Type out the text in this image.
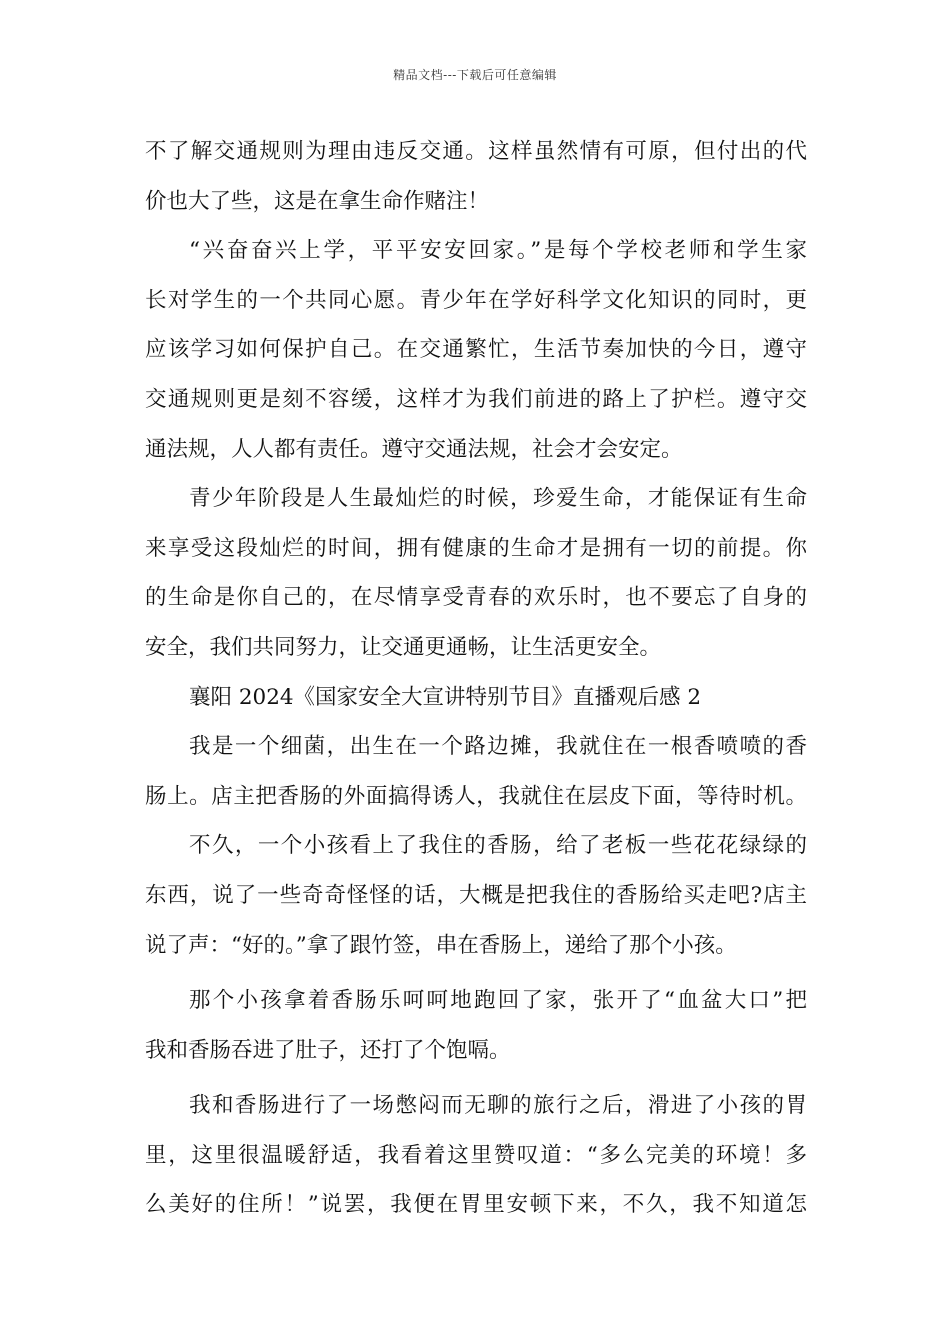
精品文档---下载后可任意编辑
不了解交通规则为理由违反交通。这样虽然情有可原，但付出的代
价也大了些，这是在拿生命作赌注！
“兴奋奋兴上学，平平安安回家。”是每个学校老师和学生家
长对学生的一个共同心愿。青少年在学好科学文化知识的同时，更
应该学习如何保护自己。在交通繁忙，生活节奏加快的今日，遵守
交通规则更是刻不容缓，这样才为我们前进的路上了护栏。遵守交
通法规，人人都有责任。遵守交通法规，社会才会安定。
青少年阶段是人生最灿烂的时候，珍爱生命，才能保证有生命
来享受这段灿烂的时间，拥有健康的生命才是拥有一切的前提。你
的生命是你自己的，在尽情享受青春的欢乐时，也不要忘了自身的
安全，我们共同努力，让交通更通畅，让生活更安全。
襄阳 2024《国家安全大宣讲特别节目》直播观后感 2
我是一个细菌，出生在一个路边摊，我就住在一根香喷喷的香
肠上。店主把香肠的外面搞得诱人，我就住在层皮下面，等待时机。
不久，一个小孩看上了我住的香肠，给了老板一些花花绿绿的
东西，说了一些奇奇怪怪的话，大概是把我住的香肠给买走吧?店主
说了声：“好的。”拿了跟竹签，串在香肠上，递给了那个小孩。
那个小孩拿着香肠乐呵呵地跑回了家，张开了“血盆大口”把
我和香肠吞进了肚子，还打了个饱嗝。
我和香肠进行了一场憋闷而无聊的旅行之后，滑进了小孩的胃
里，这里很温暖舒适，我看着这里赞叹道：“多么完美的环境！多
么美好的住所！”说罢，我便在胃里安顿下来，不久，我不知道怎
